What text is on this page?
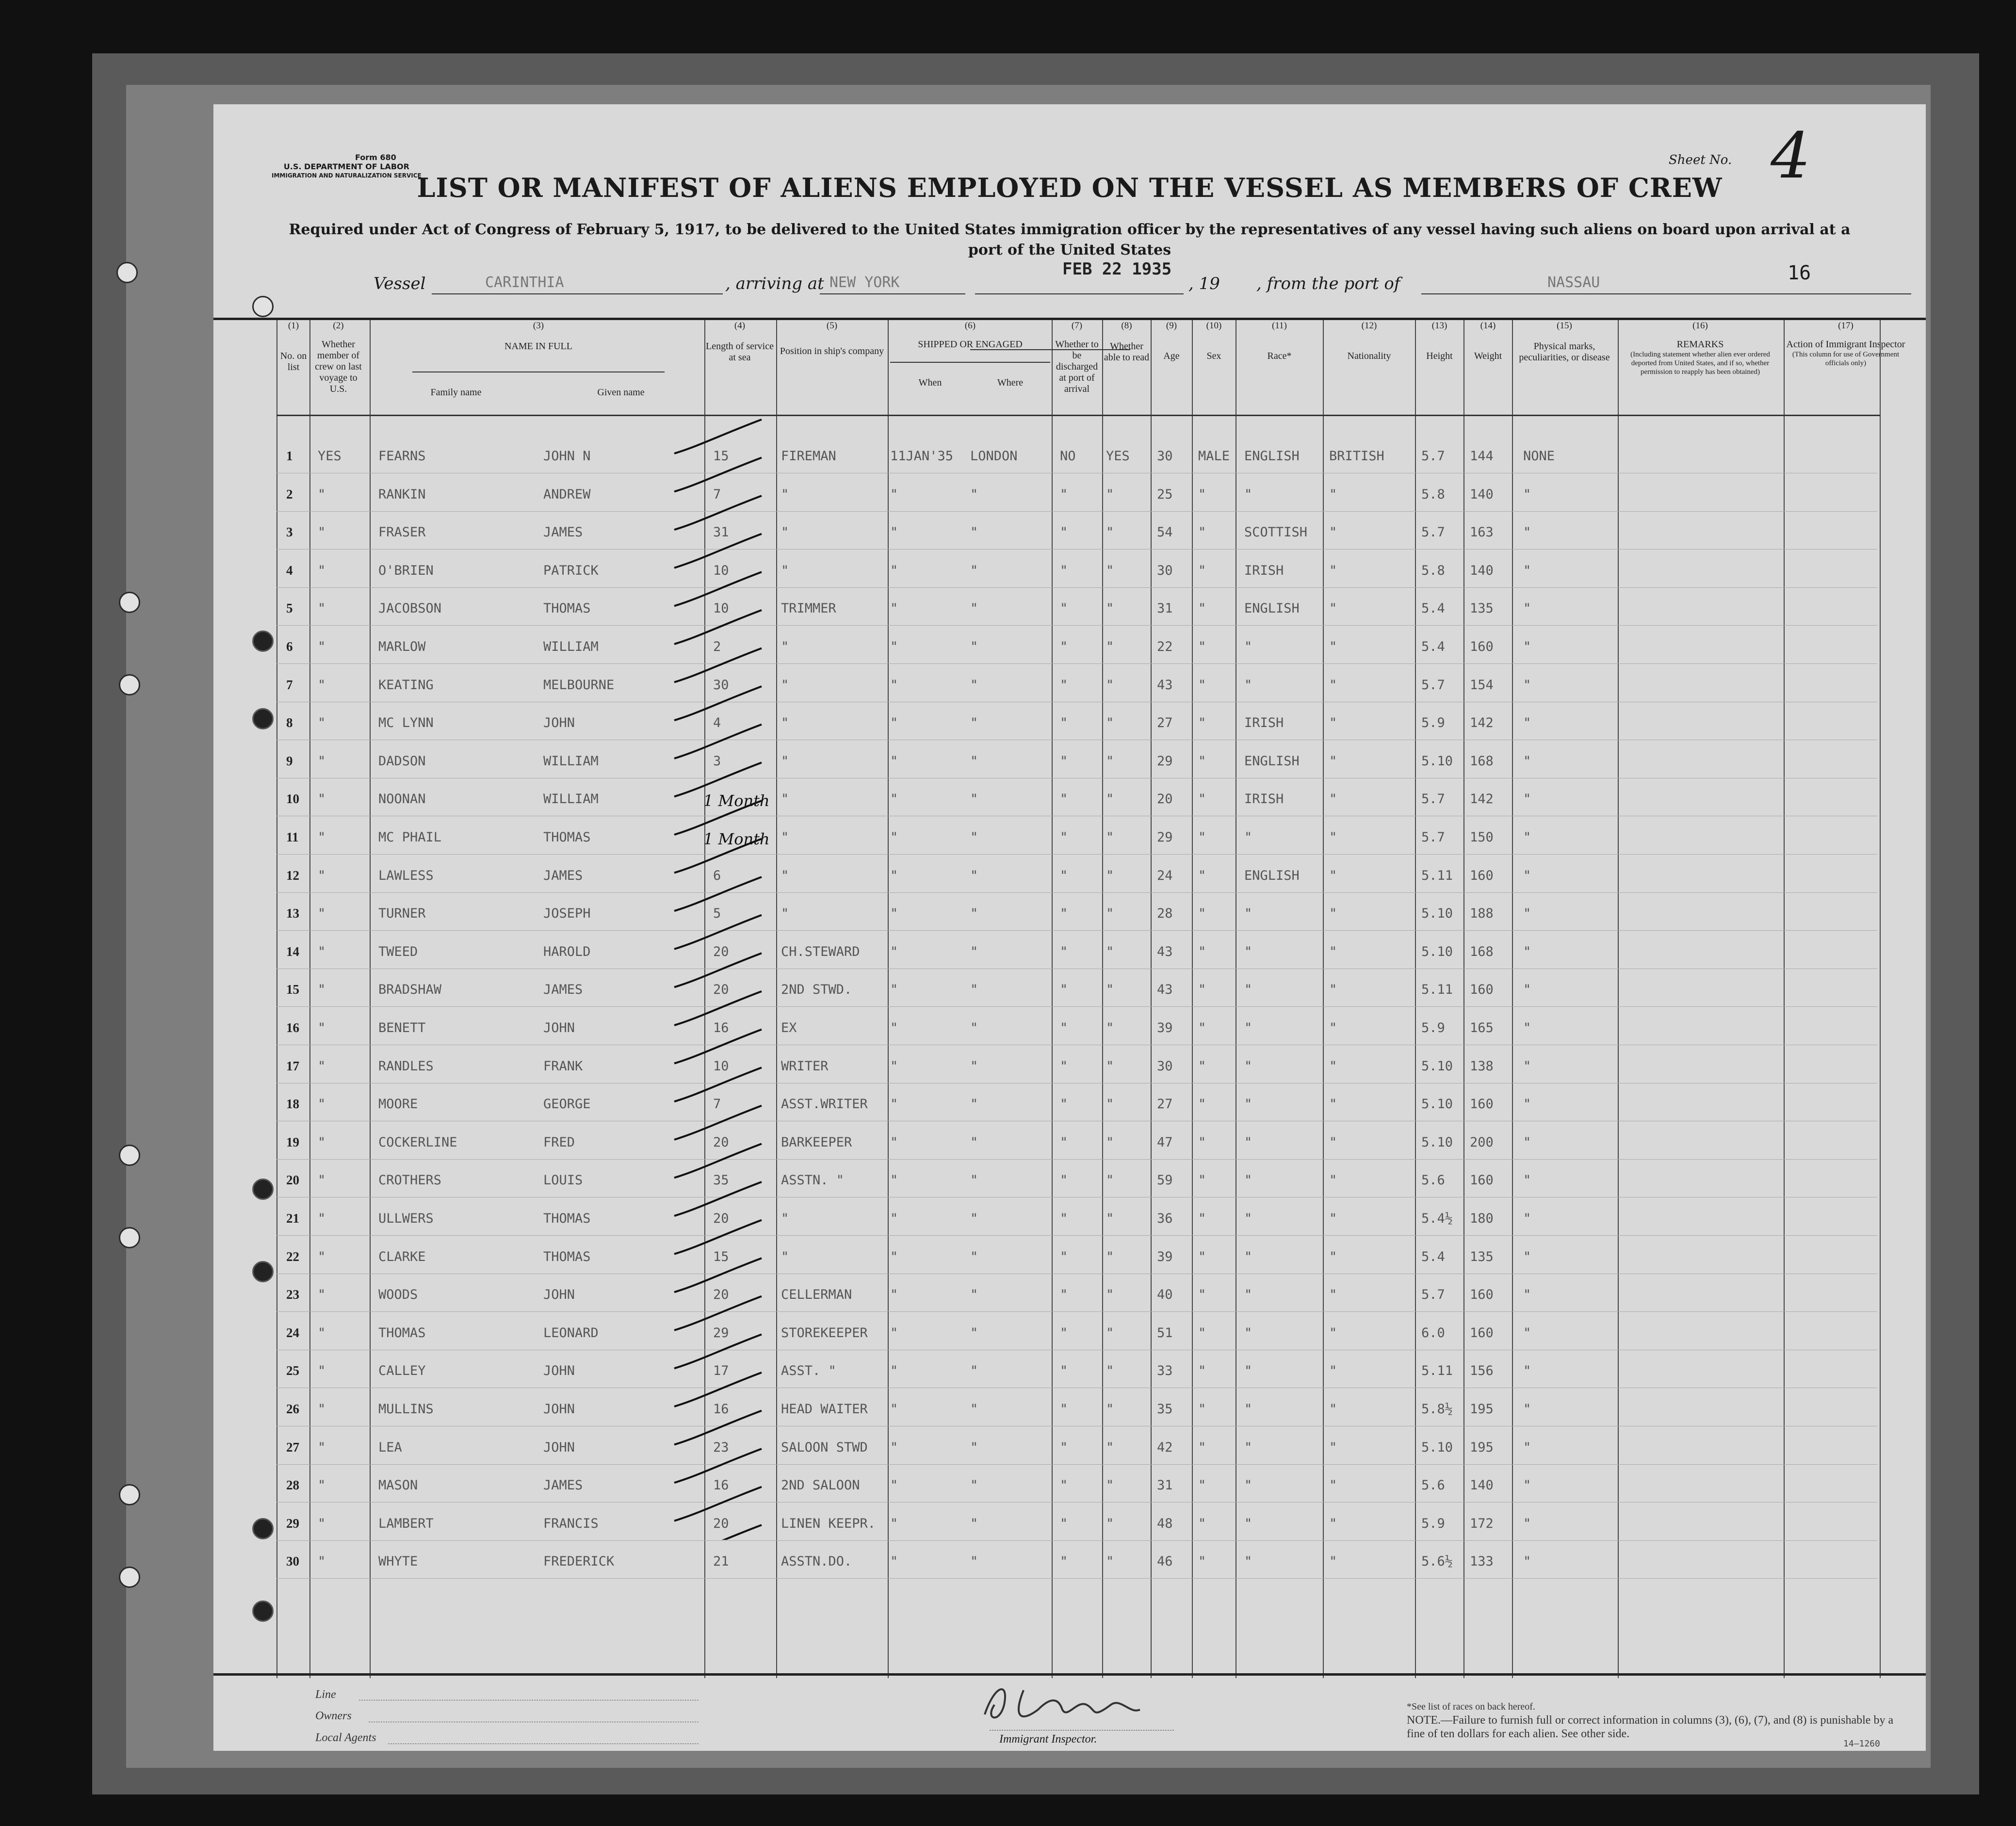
Form 680
U.S. DEPARTMENT OF LABOR
IMMIGRATION AND NATURALIZATION SERVICE
Sheet No. 4
LIST OR MANIFEST OF ALIENS EMPLOYED ON THE VESSEL AS MEMBERS OF CREW
Required under Act of Congress of February 5, 1917, to be delivered to the United States immigration officer by the representatives of any vessel having such aliens on board upon arrival at a port of the United States
16
Vessel	CARINTHIA	, arriving at NEW YORK
FEB 22 1935
, 19 , from the port of	NASSAU
(1)
No. on list
(2)
Whether member of crew on last voyage to U.S.
(3)
NAME IN FULL
Family name	Given name
(4)
Length of service at sea
(5)
Position in ship's company
(6)
SHIPPED OR ENGAGED
When	Where
(7)
Whether to be discharged at port of arrival
(8)
Whether able to read
(9)
Age
(10)
Sex
(11)
Race*
(12)
Nationality
(13)
Height
(14)
Weight
(15)
Physical marks, peculiarities, or disease
(16)
REMARKS
(Including statement whether alien ever ordered deported from United States, and if so, whether permission to reapply has been obtained)
(17)
Action of Immigrant Inspector
(This column for use of Government officials only)
1 YES	FEARNS	JOHN N	15	FIREMAN	11JAN'35 LONDON	NO YES 30 MALE ENGLISH BRITISH	5.7 144 NONE
2 "	RANKIN	ANDREW	7	"	"	"	"	"	25 "	"	"	5.8 140 "
3 "	FRASER	JAMES	31	"	"	"	"	"	54 "	SCOTTISH "	5.7 163 "
4 "	O'BRIEN	PATRICK	10	"	"	"	"	"	30 "	IRISH	"	5.8 140 "
5 "	JACOBSON	THOMAS	10	TRIMMER	"	"	"	"	31 "	ENGLISH "	5.4 135 "
6 "	MARLOW	WILLIAM	2	"	"	"	"	"	22 "	"	"	5.4 160 "
7 "	KEATING	MELBOURNE	30	"	"	"	"	"	43 "	"	"	5.7 154 "
8 "	MC LYNN	JOHN	4	"	"	"	"	"	27 "	IRISH	"	5.9 142 "
9 "	DADSON	WILLIAM	3	"	"	"	"	"	29 "	ENGLISH "	5.10 168 "
10 "	NOONAN	WILLIAM	1 Month "	"	"	"	"	20 "	IRISH	"	5.7 142 "
11 "	MC PHAIL	THOMAS	1 Month "	"	"	"	"	29 "	"	"	5.7 150 "
12 "	LAWLESS	JAMES	6	"	"	"	"	"	24 "	ENGLISH "	5.11 160 "
13 "	TURNER	JOSEPH	5	"	"	"	"	"	28 "	"	"	5.10 188 "
14 "	TWEED	HAROLD	20	CH.STEWARD "	"	"	"	43 "	"	"	5.10 168 "
15 "	BRADSHAW	JAMES	20	2ND STWD.	"	"	"	"	43 "	"	"	5.11 160 "
16 "	BENETT	JOHN	16	EX	"	"	"	"	39 "	"	"	5.9 165 "
17 "	RANDLES	FRANK	10	WRITER	"	"	"	"	30 "	"	"	5.10 138 "
18 "	MOORE	GEORGE	7	ASST.WRITER "	"	"	"	27 "	"	"	5.10 160 "
19 "	COCKERLINE	FRED	20	BARKEEPER	"	"	"	"	47 "	"	"	5.10 200 "
20 "	CROTHERS	LOUIS	35	ASSTN. "	"	"	"	"	59 "	"	"	5.6 160 "
21 "	ULLWERS	THOMAS	20	"	"	"	"	"	36 "	"	"	5.4½ 180 "
22 "	CLARKE	THOMAS	15	"	"	"	"	"	39 "	"	"	5.4 135 "
23 "	WOODS	JOHN	20	CELLERMAN	"	"	"	"	40 "	"	"	5.7 160 "
24 "	THOMAS	LEONARD	29	STOREKEEPER "	"	"	"	51 "	"	"	6.0 160 "
25 "	CALLEY	JOHN	17	ASST. "	"	"	"	"	33 "	"	"	5.11 156 "
26 "	MULLINS	JOHN	16	HEAD WAITER "	"	"	"	35 "	"	"	5.8½ 195 "
27 "	LEA	JOHN	23	SALOON STWD "	"	"	"	42 "	"	"	5.10 195 "
28 "	MASON	JAMES	16	2ND SALOON "	"	"	"	31 "	"	"	5.6 140 "
29 "	LAMBERT	FRANCIS	20	LINEN KEEPR. "	"	"	"	48 "	"	"	5.9 172 "
30 "	WHYTE	FREDERICK	21	ASSTN.DO.	"	"	"	"	46 "	"	"	5.6½ 133 "
Line
Owners
Local Agents	Immigrant Inspector.
*See list of races on back hereof.
NOTE.—Failure to furnish full or correct information in columns (3), (6), (7), and (8) is punishable by a fine of ten dollars for each alien. See other side.
14—1260
